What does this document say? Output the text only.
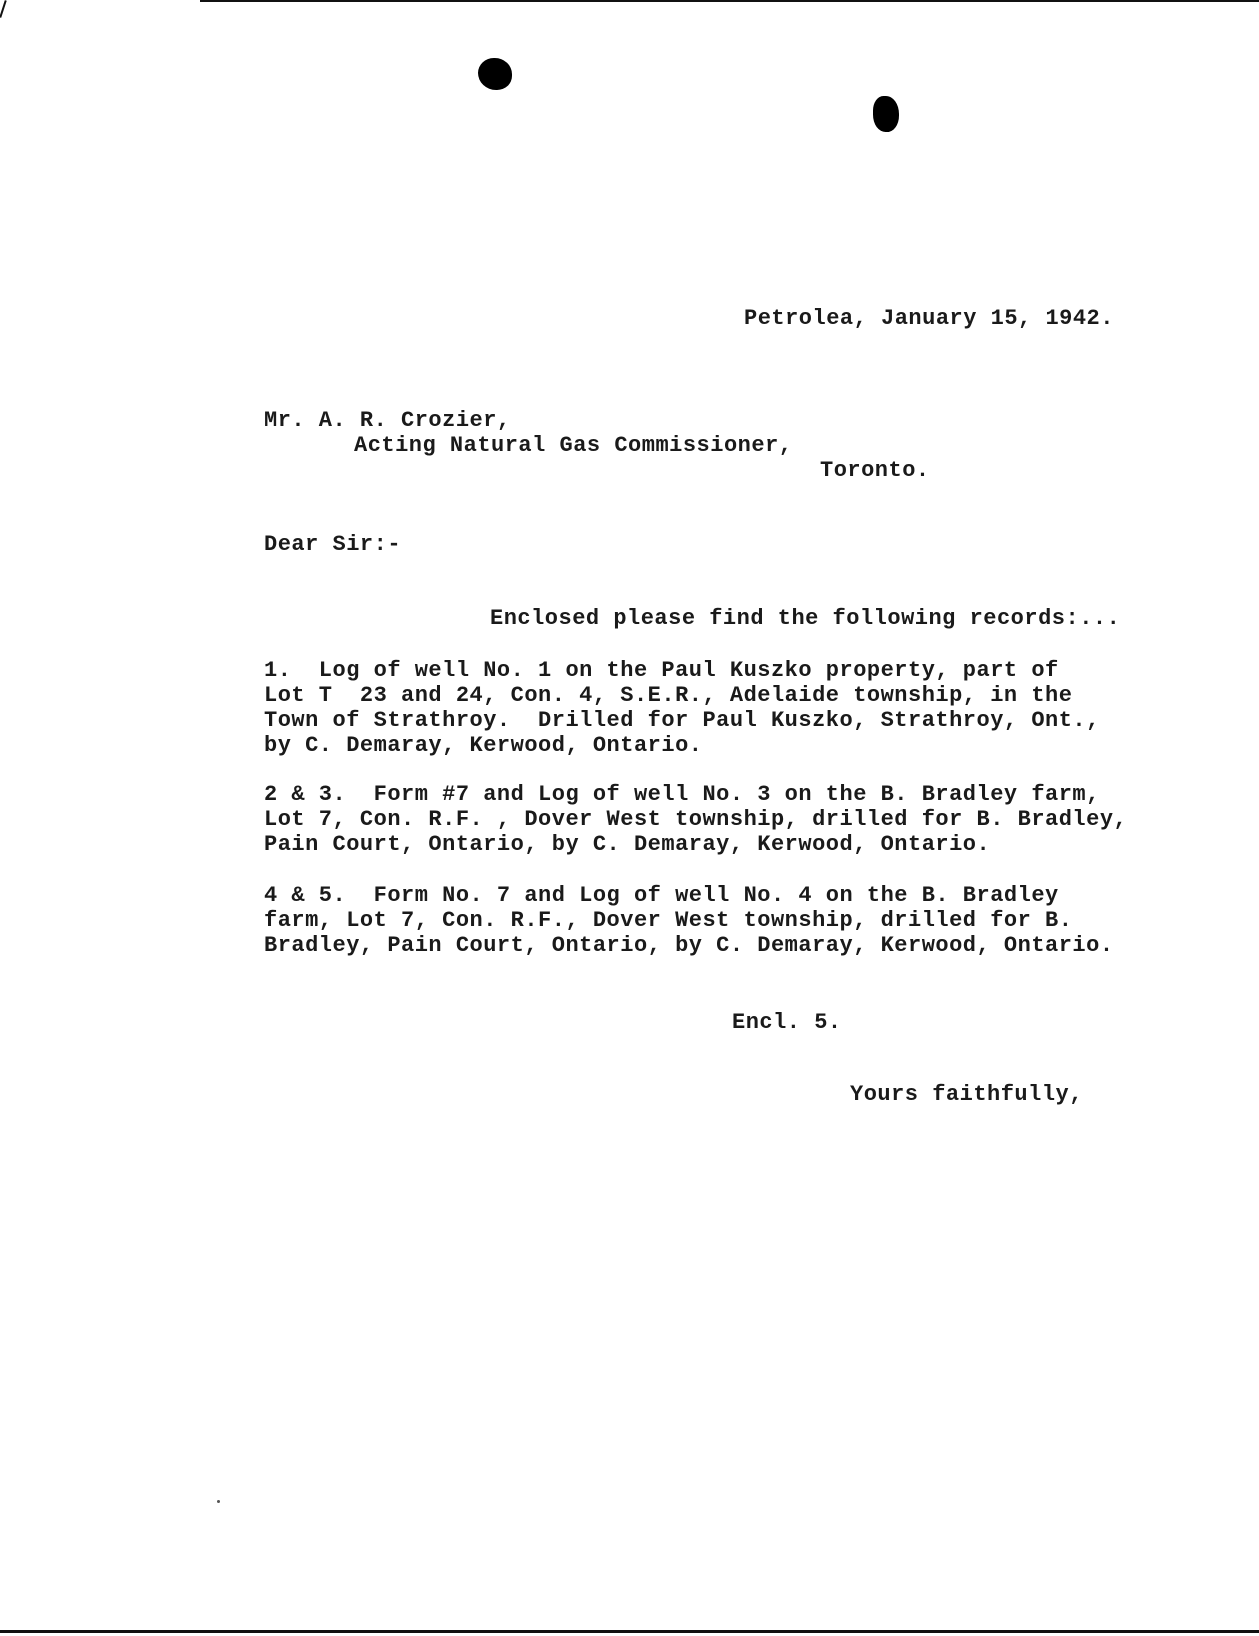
Petrolea, January 15, 1942.
Mr. A. R. Crozier,
Acting Natural Gas Commissioner,
Toronto.
Dear Sir:-
Enclosed please find the following records:...
1.  Log of well No. 1 on the Paul Kuszko property, part of
Lot T  23 and 24, Con. 4, S.E.R., Adelaide township, in the
Town of Strathroy.  Drilled for Paul Kuszko, Strathroy, Ont.,
by C. Demaray, Kerwood, Ontario.
2 & 3.  Form #7 and Log of well No. 3 on the B. Bradley farm,
Lot 7, Con. R.F. , Dover West township, drilled for B. Bradley,
Pain Court, Ontario, by C. Demaray, Kerwood, Ontario.
4 & 5.  Form No. 7 and Log of well No. 4 on the B. Bradley
farm, Lot 7, Con. R.F., Dover West township, drilled for B.
Bradley, Pain Court, Ontario, by C. Demaray, Kerwood, Ontario.
Encl. 5.
Yours faithfully,
